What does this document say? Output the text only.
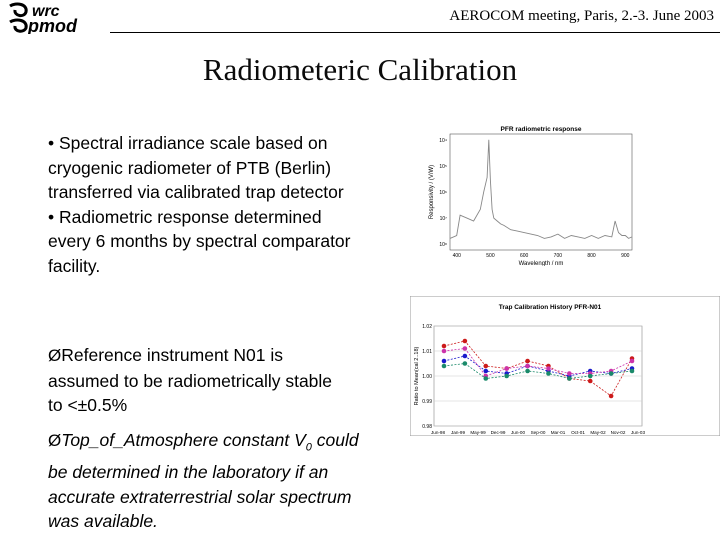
wrc
pmod	AEROCOM meeting, Paris, 2.-3. June 2003
Radiometeric Calibration
• Spectral irradiance scale based on cryogenic radiometer of PTB (Berlin) transferred via calibrated trap detector
• Radiometric response determined every 6 months by spectral comparator facility.
ØReference instrument N01 is assumed to be radiometrically stable to <±0.5%
ØTop_of_Atmosphere constant $V_0$ could be determined in the laboratory if an accurate extraterrestrial solar spectrum was available.
PFR radiometric response
Responsivity / (V/W)
Wavelength / nm
400	500	600	700	800	900
10⁴
10⁵
10⁶
10⁷
10⁸
Trap Calibration History PFR-N01
Ratio to Mean(cal 2..18)
1.02
1.01
1.00
0.99
0.98
Jun-98 Jan-99 May-99 Dec-99 Jun-00 Sep-00 Mar-01 Oct-01 May-02 Nov-02 Jun-03
